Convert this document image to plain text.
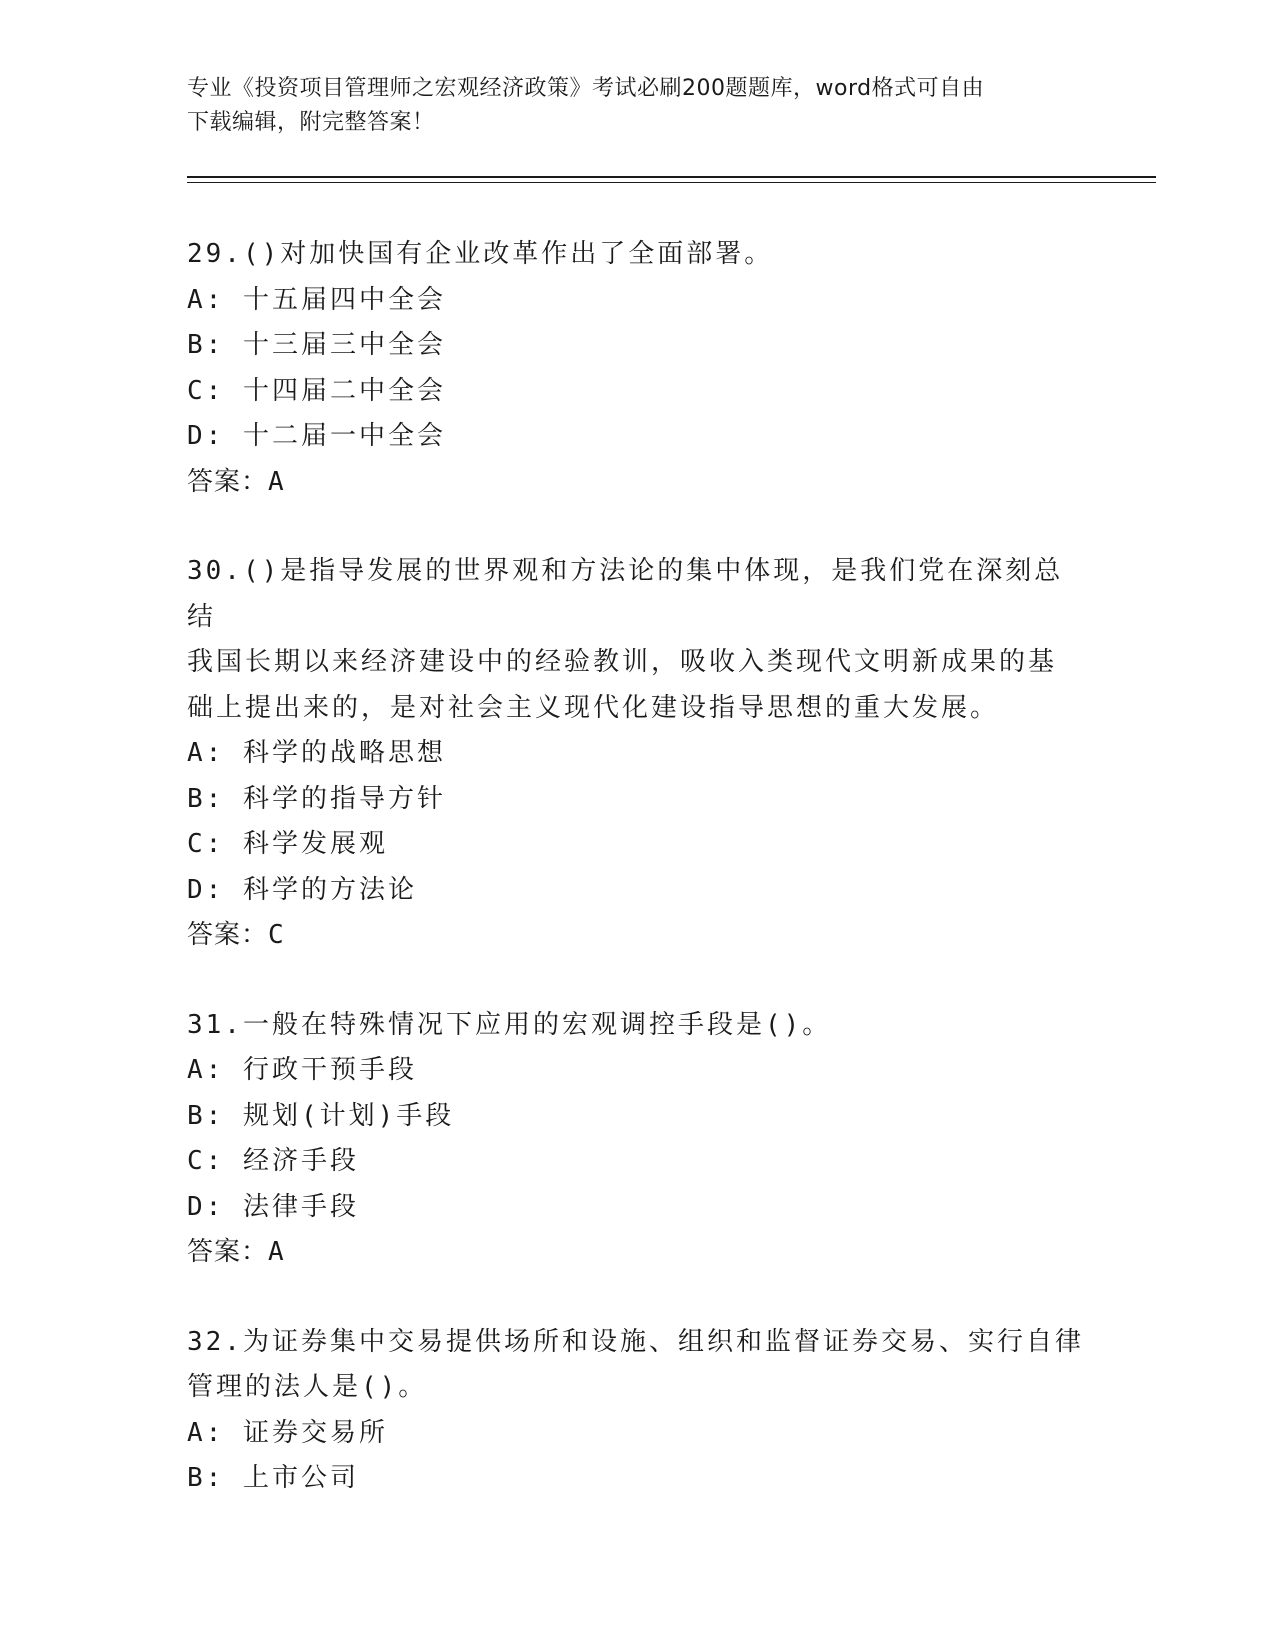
专业《投资项目管理师之宏观经济政策》考试必刷200题题库，word格式可自由
下载编辑，附完整答案！

29.()对加快国有企业改革作出了全面部署。

A: 十五届四中全会

B: 十三届三中全会

C: 十四届二中全会

D: 十二届一中全会

答案：A

30.()是指导发展的世界观和方法论的集中体现，是我们党在深刻总结
我国长期以来经济建设中的经验教训，吸收入类现代文明新成果的基
础上提出来的，是对社会主义现代化建设指导思想的重大发展。

A: 科学的战略思想

B: 科学的指导方针

C: 科学发展观

D: 科学的方法论

答案：C

31.一般在特殊情况下应用的宏观调控手段是()。

A: 行政干预手段

B: 规划(计划)手段

C: 经济手段

D: 法律手段

答案：A

32.为证券集中交易提供场所和设施、组织和监督证券交易、实行自律
管理的法人是()。

A: 证券交易所

B: 上市公司
